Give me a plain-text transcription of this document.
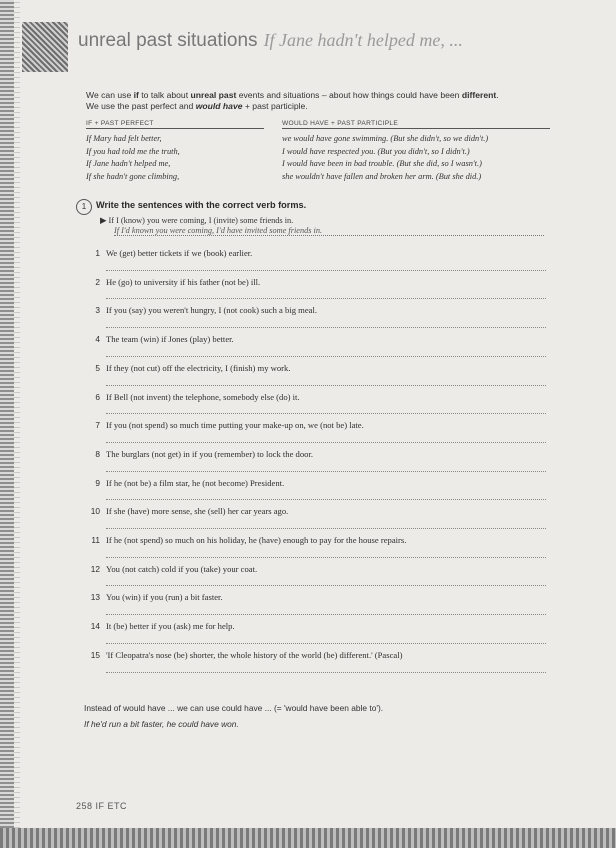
unreal past situations If Jane hadn't helped me, ...
We can use if to talk about unreal past events and situations – about how things could have been different.
We use the past perfect and would have + past participle.
IF + PAST PERFECT	WOULD HAVE + PAST PARTICIPLE
If Mary had felt better,
If you had told me the truth,
If Jane hadn't helped me,
If she hadn't gone climbing,
we would have gone swimming. (But she didn't, so we didn't.)
I would have respected you. (But you didn't, so I didn't.)
I would have been in bad trouble. (But she did, so I wasn't.)
she wouldn't have fallen and broken her arm. (But she did.)
1	Write the sentences with the correct verb forms.
▶ If I (know) you were coming, I (invite) some friends in.
If I'd known you were coming, I'd have invited some friends in.
1 We (get) better tickets if we (book) earlier.
2 He (go) to university if his father (not be) ill.
3 If you (say) you weren't hungry, I (not cook) such a big meal.
4 The team (win) if Jones (play) better.
5 If they (not cut) off the electricity, I (finish) my work.
6 If Bell (not invent) the telephone, somebody else (do) it.
7 If you (not spend) so much time putting your make-up on, we (not be) late.
8 The burglars (not get) in if you (remember) to lock the door.
9 If he (not be) a film star, he (not become) President.
10 If she (have) more sense, she (sell) her car years ago.
11 If he (not spend) so much on his holiday, he (have) enough to pay for the house repairs.
12 You (not catch) cold if you (take) your coat.
13 You (win) if you (run) a bit faster.
14 It (be) better if you (ask) me for help.
15 'If Cleopatra's nose (be) shorter, the whole history of the world (be) different.' (Pascal)
Instead of would have ... we can use could have ... (= 'would have been able to').
If he'd run a bit faster, he could have won.
258 IF ETC
